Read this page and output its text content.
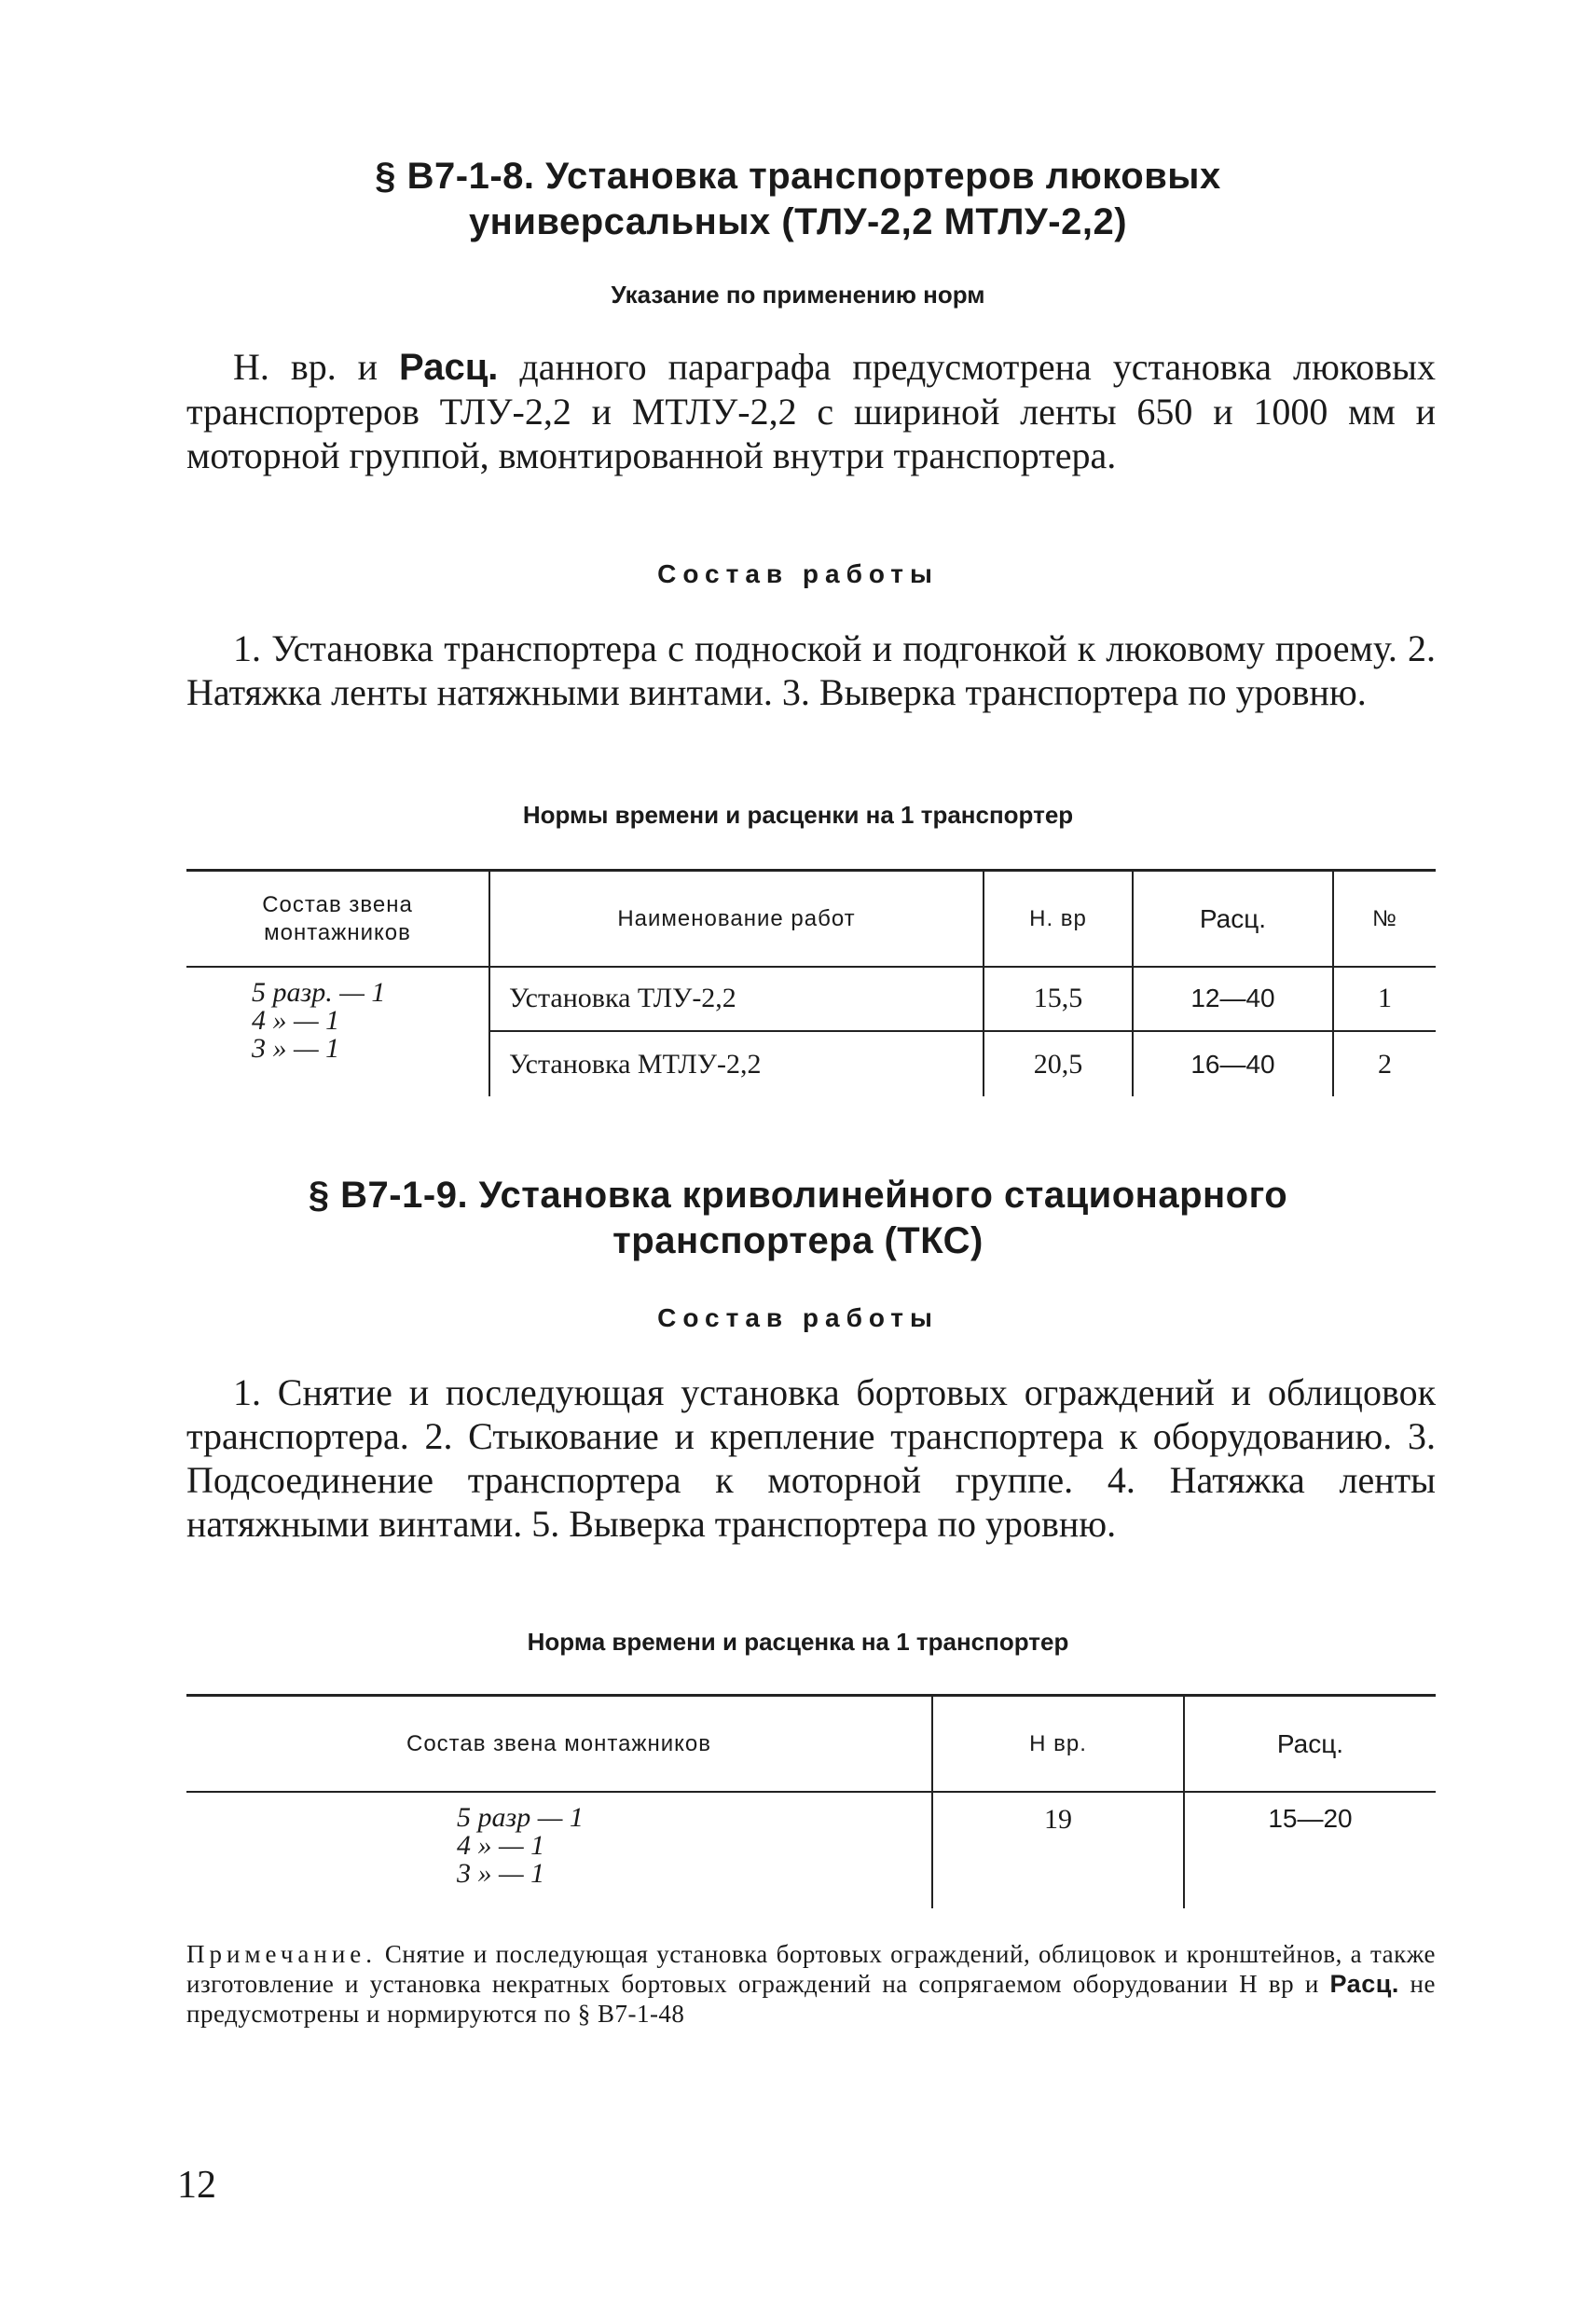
§ В7-1-8. Установка транспортеров люковых
универсальных (ТЛУ-2,2 МТЛУ-2,2)
Указание по применению норм
Н. вр. и Расц. данного параграфа предусмотрена установка люковых транспортеров ТЛУ-2,2 и МТЛУ-2,2 с шириной ленты 650 и 1000 мм и моторной группой, вмонтированной внутри транспортера.
Состав работы
1. Установка транспортера с подноской и подгонкой к люковому проему. 2. Натяжка ленты натяжными винтами. 3. Выверка транспортера по уровню.
Нормы времени и расценки на 1 транспортер
Состав звена монтажников	Наименование работ	Н. вр	Расц.	№

5 разр. — 1
4 » — 1
3 » — 1	Установка ТЛУ-2,2	15,5	12—40	1
	Установка МТЛУ-2,2	20,5	16—40	2
§ В7-1-9. Установка криволинейного стационарного
транспортера (ТКС)
Состав работы
1. Снятие и последующая установка бортовых ограждений и облицовок транспортера. 2. Стыкование и крепление транспортера к оборудованию. 3. Подсоединение транспортера к моторной группе. 4. Натяжка ленты натяжными винтами. 5. Выверка транспортера по уровню.
Норма времени и расценка на 1 транспортер
Состав звена монтажников	Н вр.	Расц.

5 разр — 1
4 » — 1
3 » — 1	19	15—20
Примечание. Снятие и последующая установка бортовых ограждений, облицовок и кронштейнов, а также изготовление и установка некратных бортовых ограждений на сопрягаемом оборудовании Н вр и Расц. не предусмотрены и нормируются по § В7-1-48
12
